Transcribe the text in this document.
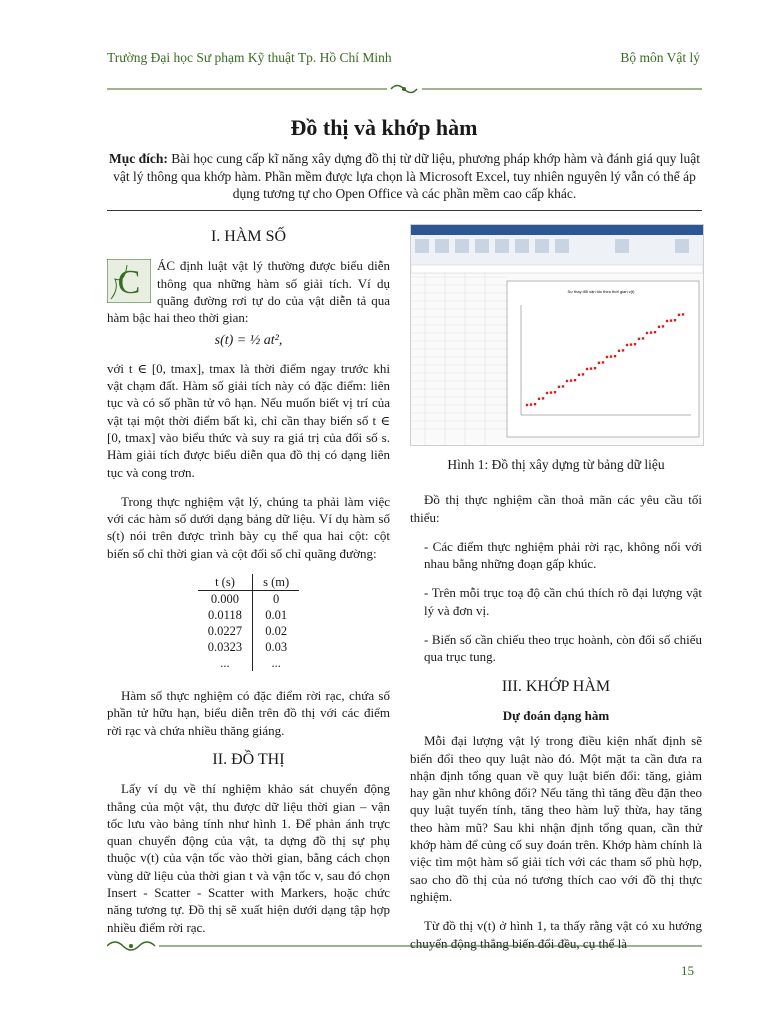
Trường Đại học Sư phạm Kỹ thuật Tp. Hồ Chí Minh	Bộ môn Vật lý
Đồ thị và khớp hàm
Mục đích: Bài học cung cấp kĩ năng xây dựng đồ thị từ dữ liệu, phương pháp khớp hàm và đánh giá quy luật vật lý thông qua khớp hàm. Phần mềm được lựa chọn là Microsoft Excel, tuy nhiên nguyên lý vẫn có thể áp dụng tương tự cho Open Office và các phần mềm cao cấp khác.
I. HÀM SỐ
C ÁC định luật vật lý thường được biểu diễn thông qua những hàm số giải tích. Ví dụ quãng đường rơi tự do của vật diễn tả qua hàm bậc hai theo thời gian:
s(t) = ½ at²,

với t ∈ [0, tmax], tmax là thời điểm ngay trước khi vật chạm đất. Hàm số giải tích này có đặc điểm: liên tục và có số phần tử vô hạn. Nếu muốn biết vị trí của vật tại một thời điểm bất kì, chỉ cần thay biến số t ∈ [0, tmax] vào biểu thức và suy ra giá trị của đối số s. Hàm giải tích được biểu diễn qua đồ thị có dạng liên tục và cong trơn.

Trong thực nghiệm vật lý, chúng ta phải làm việc với các hàm số dưới dạng bảng dữ liệu. Ví dụ hàm số s(t) nói trên được trình bày cụ thể qua hai cột: cột biến số chỉ thời gian và cột đối số chỉ quãng đường:

t (s)	s (m)
0.000	0
0.0118	0.01
0.0227	0.02
0.0323	0.03
...	...

Hàm số thực nghiệm có đặc điểm rời rạc, chứa số phần tử hữu hạn, biểu diễn trên đồ thị với các điểm rời rạc và chứa nhiều thăng giáng.

II. ĐỒ THỊ

Lấy ví dụ về thí nghiệm khảo sát chuyển động thẳng của một vật, thu được dữ liệu thời gian – vận tốc lưu vào bảng tính như hình 1. Để phản ánh trực quan chuyển động của vật, ta dựng đồ thị sự phụ thuộc v(t) của vận tốc vào thời gian, bằng cách chọn vùng dữ liệu của thời gian t và vận tốc v, sau đó chọn Insert - Scatter - Scatter with Markers, hoặc chức năng tương tự. Đồ thị sẽ xuất hiện dưới dạng tập hợp nhiều điểm rời rạc.

Sự thay đổi vận tốc theo thời gian v(t)
Hình 1: Đồ thị xây dựng từ bảng dữ liệu

Đồ thị thực nghiệm cần thoả mãn các yêu cầu tối thiểu:

- Các điểm thực nghiệm phải rời rạc, không nối với nhau bằng những đoạn gấp khúc.

- Trên mỗi trục toạ độ cần chú thích rõ đại lượng vật lý và đơn vị.

- Biến số cần chiếu theo trục hoành, còn đối số chiếu qua trục tung.

III. KHỚP HÀM
Dự đoán dạng hàm

Mỗi đại lượng vật lý trong điều kiện nhất định sẽ biến đổi theo quy luật nào đó. Một mặt ta cần đưa ra nhận định tổng quan về quy luật biến đổi: tăng, giảm hay gần như không đổi? Nếu tăng thì tăng đều đặn theo quy luật tuyến tính, tăng theo hàm luỹ thừa, hay tăng theo hàm mũ? Sau khi nhận định tổng quan, cần thử khớp hàm để củng cố suy đoán trên. Khớp hàm chính là việc tìm một hàm số giải tích với các tham số phù hợp, sao cho đồ thị của nó tương thích cao với đồ thị thực nghiệm.

Từ đồ thị v(t) ở hình 1, ta thấy rằng vật có xu hướng chuyển động thẳng biến đổi đều, cụ thể là

15
